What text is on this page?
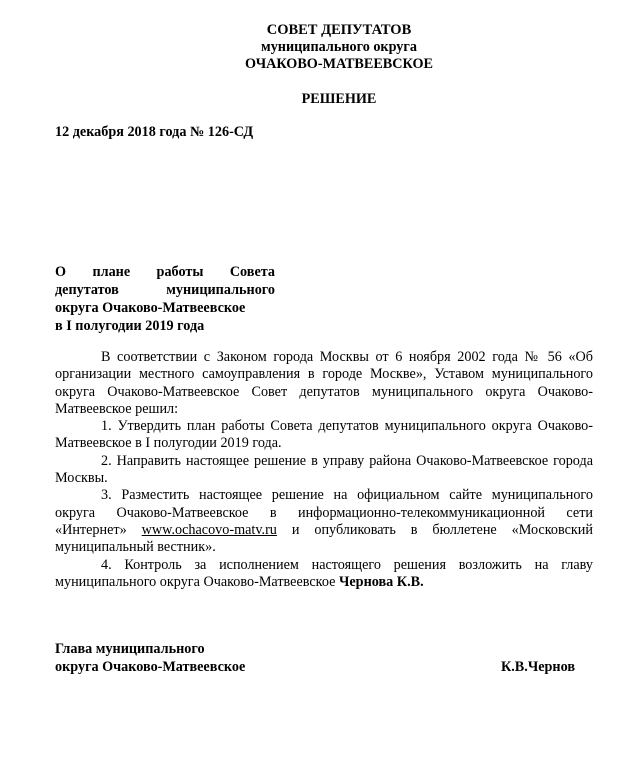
СОВЕТ ДЕПУТАТОВ
муниципального округа
ОЧАКОВО-МАТВЕЕВСКОЕ
РЕШЕНИЕ
12 декабря 2018 года № 126-СД
О плане работы Совета
депутатов муниципального
округа Очаково-Матвеевское
в I полугодии 2019 года

В соответствии с Законом города Москвы от 6 ноября 2002 года № 56 «Об организации местного самоуправления в городе Москве», Уставом муниципального округа Очаково-Матвеевское Совет депутатов муниципального округа Очаково-Матвеевское решил:

1. Утвердить план работы Совета депутатов муниципального округа Очаково- Матвеевское в I полугодии 2019 года.

2. Направить настоящее решение в управу района Очаково-Матвеевское города Москвы.

3. Разместить настоящее решение на официальном сайте муниципального округа Очаково-Матвеевское в информационно-телекоммуникационной сети «Интернет» www.ochacovo-matv.ru и опубликовать в бюллетене «Московский муниципальный вестник».

4. Контроль за исполнением настоящего решения возложить на главу муниципального округа Очаково-Матвеевское Чернова К.В.

Глава муниципального
округа Очаково-Матвеевское	К.В.Чернов
